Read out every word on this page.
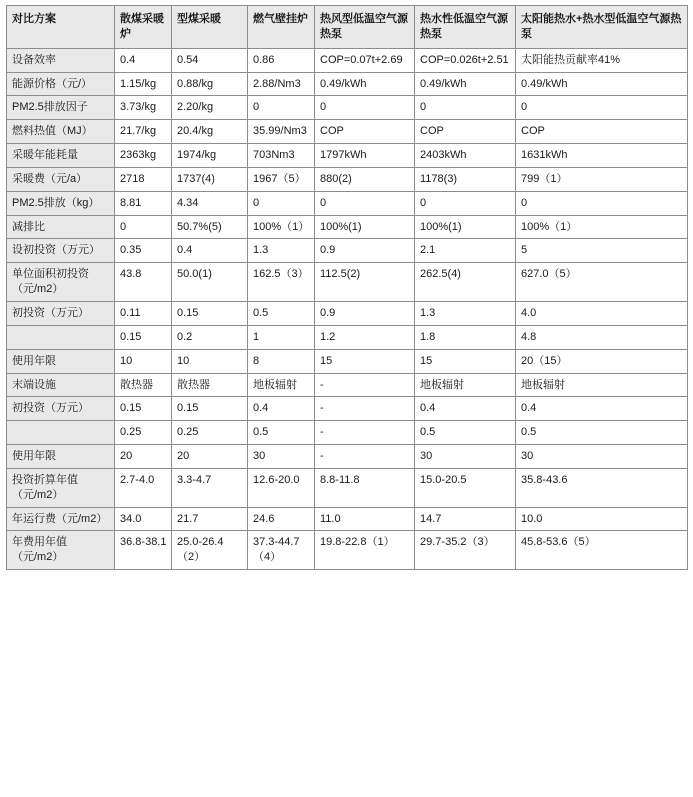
对比方案	散煤采暖炉	型煤采暖	燃气壁挂炉	热风型低温空气源热泵	热水性低温空气源热泵	太阳能热水+热水型低温空气源热泵
设备效率	0.4	0.54	0.86	COP=0.07t+2.69	COP=0.026t+2.51	太阳能热贡献率41%
能源价格（元/）	1.15/kg	0.88/kg	2.88/Nm3	0.49/kWh	0.49/kWh	0.49/kWh
PM2.5排放因子	3.73/kg	2.20/kg	0	0	0	0
燃料热值（MJ）	21.7/kg	20.4/kg	35.99/Nm3	COP	COP	COP
采暖年能耗量	2363kg	1974/kg	703Nm3	1797kWh	2403kWh	1631kWh
采暖费（元/a）	2718	1737(4)	1967（5）	880(2)	1178(3)	799（1）
PM2.5排放（kg）	8.81	4.34	0	0	0	0
减排比	0	50.7%(5)	100%（1）	100%(1)	100%(1)	100%（1）
设初投资（万元）	0.35	0.4	1.3	0.9	2.1	5
单位面积初投资（元/m2）	43.8	50.0(1)	162.5（3）	112.5(2)	262.5(4)	627.0（5）
初投资（万元）	0.11	0.15	0.5	0.9	1.3	4.0
	0.15	0.2	1	1.2	1.8	4.8
使用年限	10	10	8	15	15	20（15）
末端设施	散热器	散热器	地板辐射	-	地板辐射	地板辐射
初投资（万元）	0.15	0.15	0.4	-	0.4	0.4
	0.25	0.25	0.5	-	0.5	0.5
使用年限	20	20	30	-	30	30
投资折算年值（元/m2）	2.7-4.0	3.3-4.7	12.6-20.0	8.8-11.8	15.0-20.5	35.8-43.6
年运行费（元/m2）	34.0	21.7	24.6	11.0	14.7	10.0
年费用年值（元/m2）	36.8-38.1	25.0-26.4（2）	37.3-44.7（4）	19.8-22.8（1）	29.7-35.2（3）	45.8-53.6（5）
